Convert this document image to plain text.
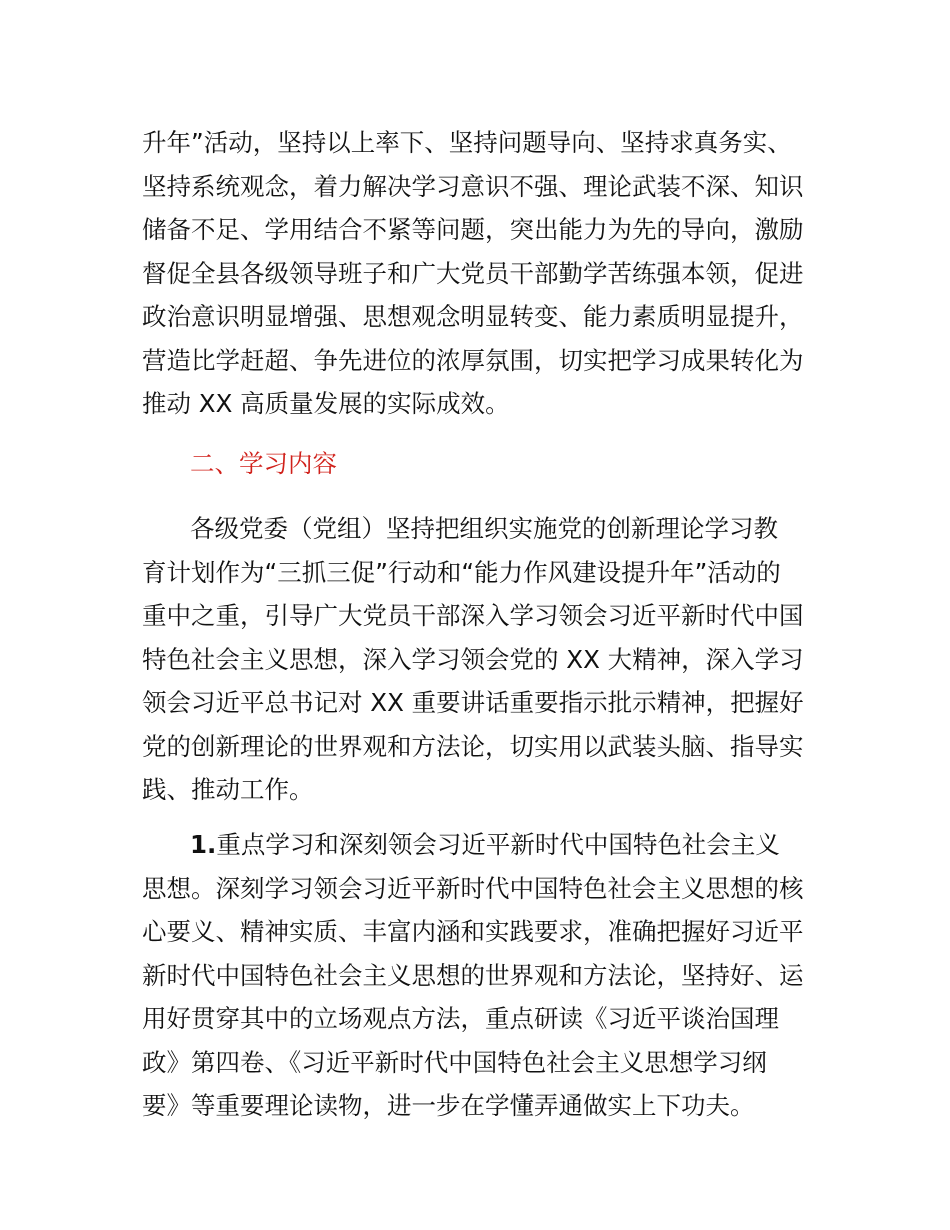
升年”活动，坚持以上率下、坚持问题导向、坚持求真务实、
坚持系统观念，着力解决学习意识不强、理论武装不深、知识
储备不足、学用结合不紧等问题，突出能力为先的导向，激励
督促全县各级领导班子和广大党员干部勤学苦练强本领，促进
政治意识明显增强、思想观念明显转变、能力素质明显提升，
营造比学赶超、争先进位的浓厚氛围，切实把学习成果转化为
推动 XX 高质量发展的实际成效。
二、学习内容
各级党委（党组）坚持把组织实施党的创新理论学习教
育计划作为“三抓三促”行动和“能力作风建设提升年”活动的
重中之重，引导广大党员干部深入学习领会习近平新时代中国
特色社会主义思想，深入学习领会党的 XX 大精神，深入学习
领会习近平总书记对 XX 重要讲话重要指示批示精神，把握好
党的创新理论的世界观和方法论，切实用以武装头脑、指导实
践、推动工作。
1.重点学习和深刻领会习近平新时代中国特色社会主义
思想。深刻学习领会习近平新时代中国特色社会主义思想的核
心要义、精神实质、丰富内涵和实践要求，准确把握好习近平
新时代中国特色社会主义思想的世界观和方法论，坚持好、运
用好贯穿其中的立场观点方法，重点研读《习近平谈治国理
政》第四卷、《习近平新时代中国特色社会主义思想学习纲
要》等重要理论读物，进一步在学懂弄通做实上下功夫。
